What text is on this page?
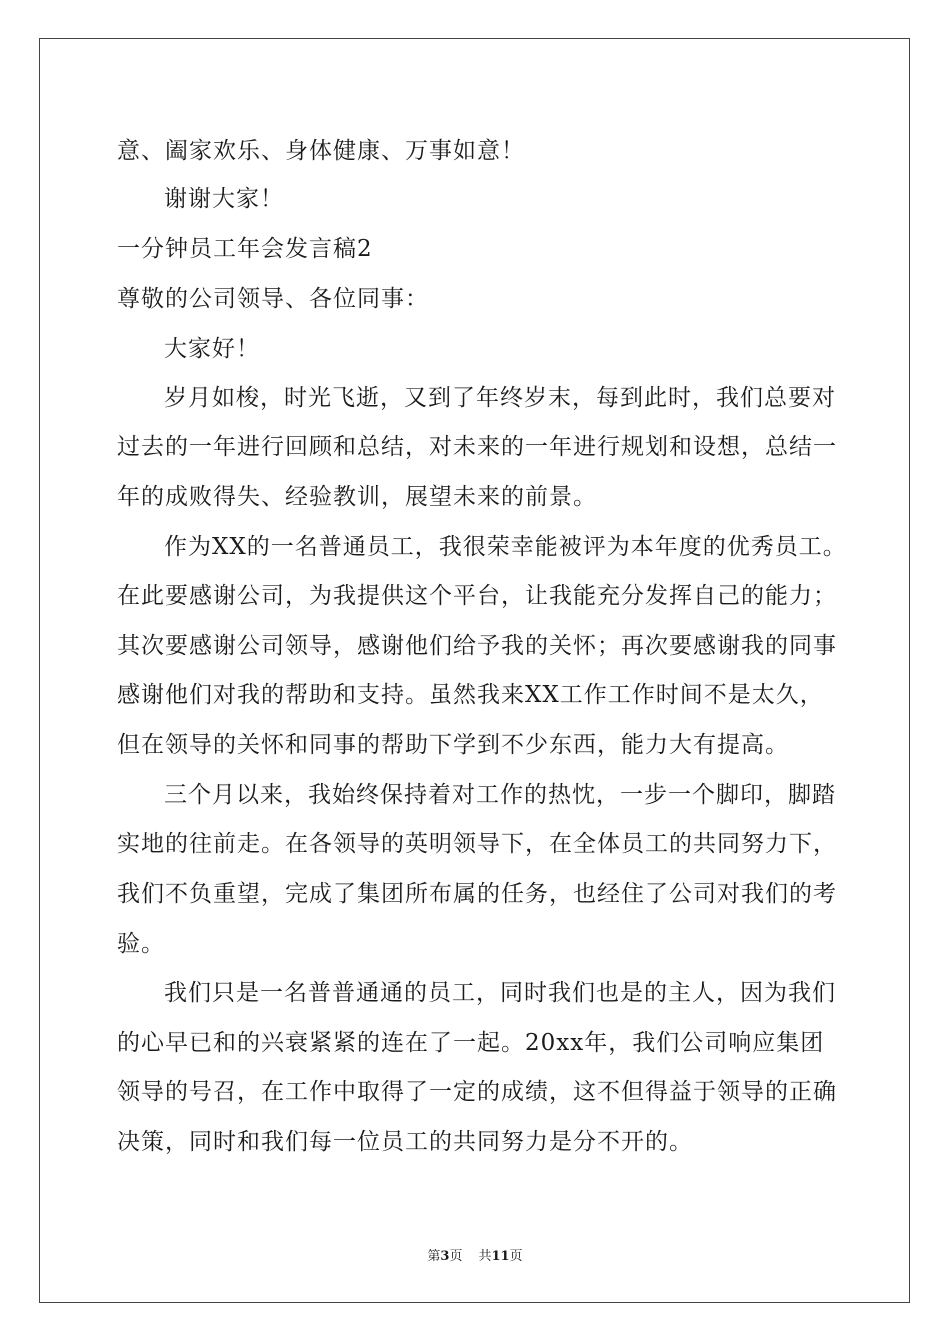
意、阖家欢乐、身体健康、万事如意！
谢谢大家！
一分钟员工年会发言稿2
尊敬的公司领导、各位同事：
大家好！
岁月如梭，时光飞逝，又到了年终岁末，每到此时，我们总要对
过去的一年进行回顾和总结，对未来的一年进行规划和设想，总结一
年的成败得失、经验教训，展望未来的前景。
作为XX的一名普通员工，我很荣幸能被评为本年度的优秀员工。
在此要感谢公司，为我提供这个平台，让我能充分发挥自己的能力；
其次要感谢公司领导，感谢他们给予我的关怀；再次要感谢我的同事
感谢他们对我的帮助和支持。虽然我来XX工作工作时间不是太久，
但在领导的关怀和同事的帮助下学到不少东西，能力大有提高。
三个月以来，我始终保持着对工作的热忱，一步一个脚印，脚踏
实地的往前走。在各领导的英明领导下，在全体员工的共同努力下，
我们不负重望，完成了集团所布属的任务，也经住了公司对我们的考
验。
我们只是一名普普通通的员工，同时我们也是的主人，因为我们
的心早已和的兴衰紧紧的连在了一起。20xx年，我们公司响应集团
领导的号召，在工作中取得了一定的成绩，这不但得益于领导的正确
决策，同时和我们每一位员工的共同努力是分不开的。
第3页 共11页
